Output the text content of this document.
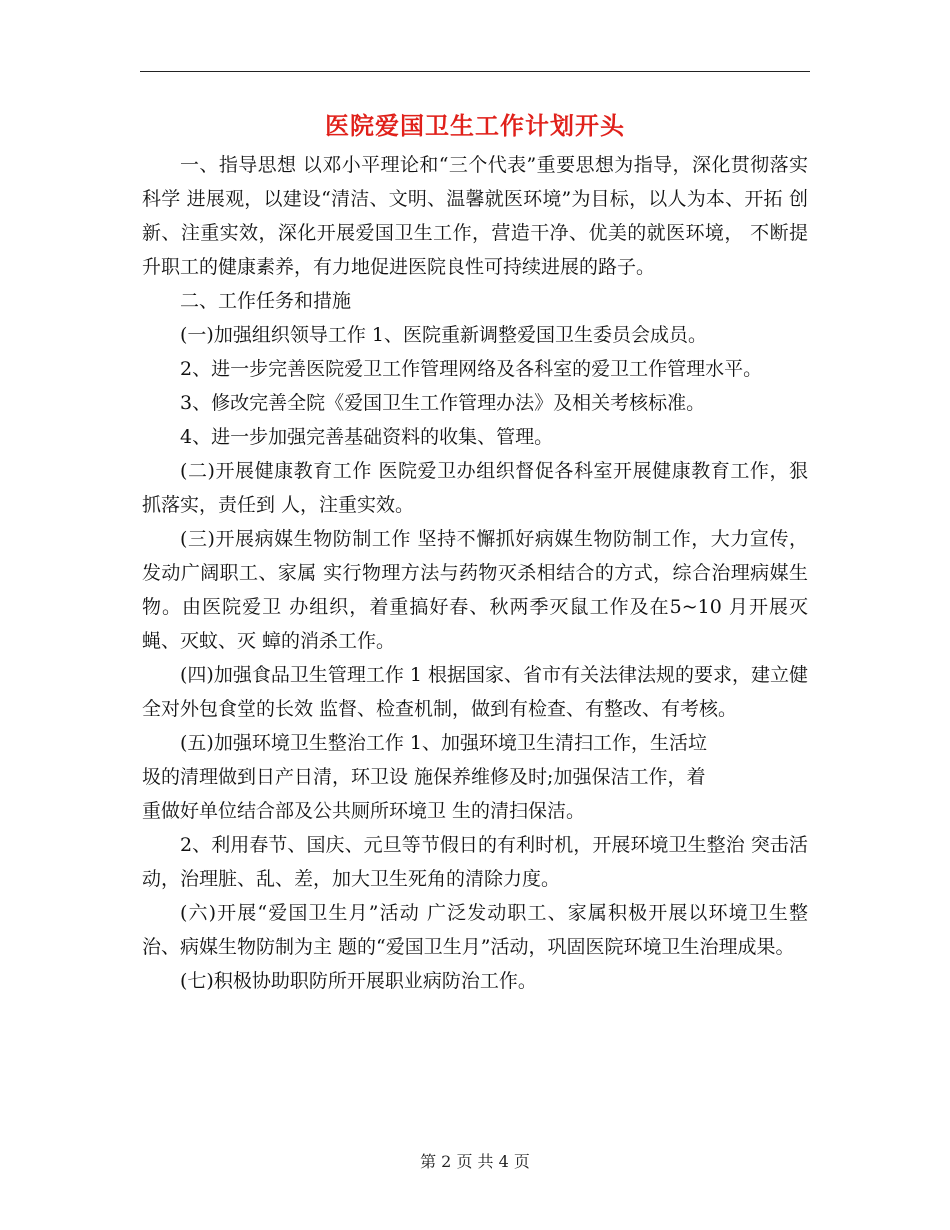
医院爱国卫生工作计划开头

一、指导思想 以邓小平理论和“三个代表”重要思想为指导，深化贯彻落实科学 进展观，以建设“清洁、文明、温馨就医环境”为目标，以人为本、开拓 创新、注重实效，深化开展爱国卫生工作，营造干净、优美的就医环境， 不断提升职工的健康素养，有力地促进医院良性可持续进展的路子。

二、工作任务和措施

(一)加强组织领导工作 1、医院重新调整爱国卫生委员会成员。

2、进一步完善医院爱卫工作管理网络及各科室的爱卫工作管理水平。

3、修改完善全院《爱国卫生工作管理办法》及相关考核标准。

4、进一步加强完善基础资料的收集、管理。

(二)开展健康教育工作 医院爱卫办组织督促各科室开展健康教育工作，狠抓落实，责任到 人，注重实效。

(三)开展病媒生物防制工作 坚持不懈抓好病媒生物防制工作，大力宣传，发动广阔职工、家属 实行物理方法与药物灭杀相结合的方式，综合治理病媒生物。由医院爱卫 办组织，着重搞好春、秋两季灭鼠工作及在5~10 月开展灭蝇、灭蚊、灭 蟑的消杀工作。

(四)加强食品卫生管理工作 1 根据国家、省市有关法律法规的要求，建立健全对外包食堂的长效 监督、检查机制，做到有检查、有整改、有考核。

(五)加强环境卫生整治工作 1、加强环境卫生清扫工作，生活垃

圾的清理做到日产日清，环卫设 施保养维修及时;加强保洁工作，着

重做好单位结合部及公共厕所环境卫 生的清扫保洁。

2、利用春节、国庆、元旦等节假日的有利时机，开展环境卫生整治 突击活动，治理脏、乱、差，加大卫生死角的清除力度。

(六)开展“爱国卫生月”活动 广泛发动职工、家属积极开展以环境卫生整治、病媒生物防制为主 题的“爱国卫生月”活动，巩固医院环境卫生治理成果。

(七)积极协助职防所开展职业病防治工作。

第 2 页 共 4 页
